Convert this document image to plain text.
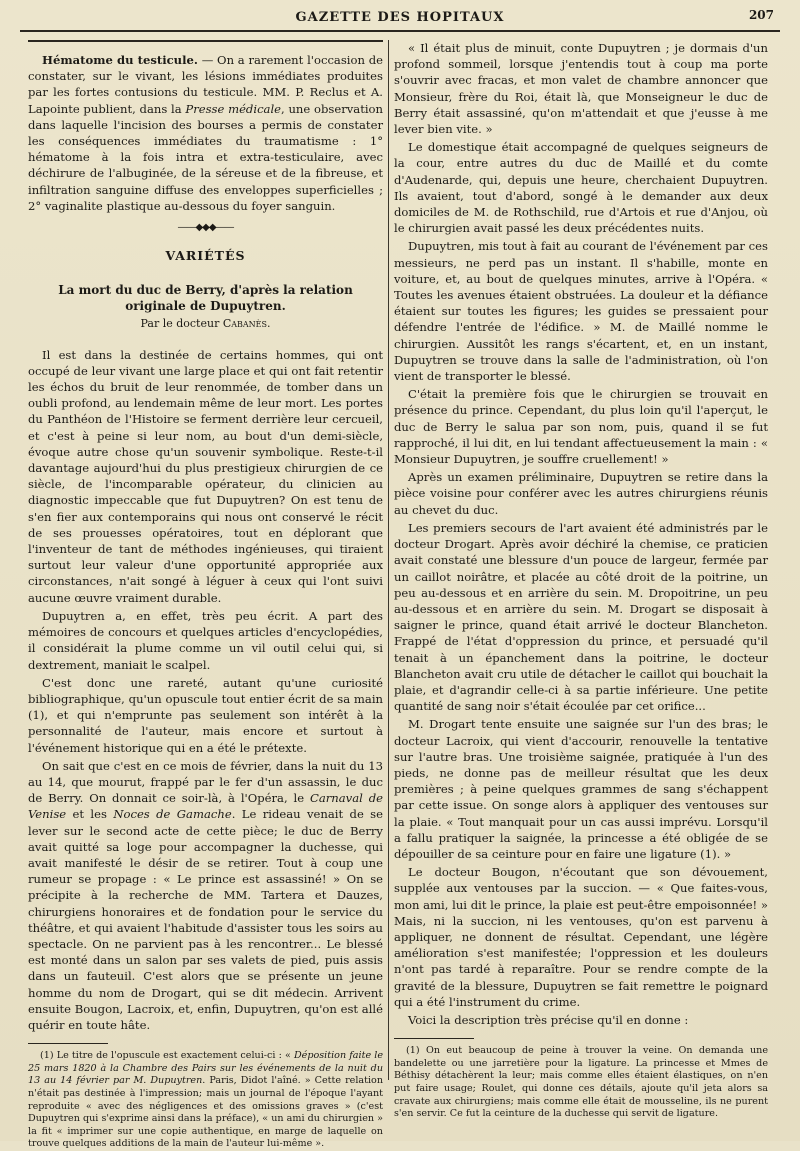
GAZETTE DES HOPITAUX	207

Hématome du testicule. — On a rarement l'occasion de constater, sur le vivant, les lésions immédiates produites par les fortes contusions du testicule. MM. P. Reclus et A. Lapointe publient, dans la Presse médicale, une observation dans laquelle l'incision des bourses a permis de constater les conséquences immédiates du traumatisme : 1° hématome à la fois intra et extra-testiculaire, avec déchirure de l'albuginée, de la séreuse et de la fibreuse, et infiltration sanguine diffuse des enveloppes superficielles ; 2° vaginalite plastique au-dessous du foyer sanguin.

——◆◆◆——
VARIÉTÉS
La mort du duc de Berry, d'après la relation originale de Dupuytren.
Par le docteur Cabanès.

Il est dans la destinée de certains hommes, qui ont occupé de leur vivant une large place et qui ont fait retentir les échos du bruit de leur renommée, de tomber dans un oubli profond, au lendemain même de leur mort. Les portes du Panthéon de l'Histoire se ferment derrière leur cercueil, et c'est à peine si leur nom, au bout d'un demi-siècle, évoque autre chose qu'un souvenir symbolique. Reste-t-il davantage aujourd'hui du plus prestigieux chirurgien de ce siècle, de l'incomparable opérateur, du clinicien au diagnostic impeccable que fut Dupuytren? On est tenu de s'en fier aux contemporains qui nous ont conservé le récit de ses prouesses opératoires, tout en déplorant que l'inventeur de tant de méthodes ingénieuses, qui tiraient surtout leur valeur d'une opportunité appropriée aux circonstances, n'ait songé à léguer à ceux qui l'ont suivi aucune œuvre vraiment durable.

Dupuytren a, en effet, très peu écrit. A part des mémoires de concours et quelques articles d'encyclopédies, il considérait la plume comme un vil outil celui qui, si dextrement, maniait le scalpel.

C'est donc une rareté, autant qu'une curiosité bibliographique, qu'un opuscule tout entier écrit de sa main (1), et qui n'emprunte pas seulement son intérêt à la personnalité de l'auteur, mais encore et surtout à l'événement historique qui en a été le prétexte.

On sait que c'est en ce mois de février, dans la nuit du 13 au 14, que mourut, frappé par le fer d'un assassin, le duc de Berry. On donnait ce soir-là, à l'Opéra, le Carnaval de Venise et les Noces de Gamache. Le rideau venait de se lever sur le second acte de cette pièce; le duc de Berry avait quitté sa loge pour accompagner la duchesse, qui avait manifesté le désir de se retirer. Tout à coup une rumeur se propage : « Le prince est assassiné! » On se précipite à la recherche de MM. Tartera et Dauzes, chirurgiens honoraires et de fondation pour le service du théâtre, et qui avaient l'habitude d'assister tous les soirs au spectacle. On ne parvient pas à les rencontrer... Le blessé est monté dans un salon par ses valets de pied, puis assis dans un fauteuil. C'est alors que se présente un jeune homme du nom de Drogart, qui se dit médecin. Arrivent ensuite Bougon, Lacroix, et, enfin, Dupuytren, qu'on est allé quérir en toute hâte.

(1) Le titre de l'opuscule est exactement celui-ci : « Déposition faite le 25 mars 1820 à la Chambre des Pairs sur les événements de la nuit du 13 au 14 février par M. Dupuytren. Paris, Didot l'aîné. » Cette relation n'était pas destinée à l'impression; mais un journal de l'époque l'ayant reproduite « avec des négligences et des omissions graves » (c'est Dupuytren qui s'exprime ainsi dans la préface), « un ami du chirurgien » la fit « imprimer sur une copie authentique, en marge de laquelle on trouve quelques additions de la main de l'auteur lui-même ».

« Il était plus de minuit, conte Dupuytren ; je dormais d'un profond sommeil, lorsque j'entendis tout à coup ma porte s'ouvrir avec fracas, et mon valet de chambre annoncer que Monsieur, frère du Roi, était là, que Monseigneur le duc de Berry était assassiné, qu'on m'attendait et que j'eusse à me lever bien vite. »

Le domestique était accompagné de quelques seigneurs de la cour, entre autres du duc de Maillé et du comte d'Audenarde, qui, depuis une heure, cherchaient Dupuytren. Ils avaient, tout d'abord, songé à le demander aux deux domiciles de M. de Rothschild, rue d'Artois et rue d'Anjou, où le chirurgien avait passé les deux précédentes nuits.

Dupuytren, mis tout à fait au courant de l'événement par ces messieurs, ne perd pas un instant. Il s'habille, monte en voiture, et, au bout de quelques minutes, arrive à l'Opéra. « Toutes les avenues étaient obstruées. La douleur et la défiance étaient sur toutes les figures; les guides se pressaient pour défendre l'entrée de l'édifice. » M. de Maillé nomme le chirurgien. Aussitôt les rangs s'écartent, et, en un instant, Dupuytren se trouve dans la salle de l'administration, où l'on vient de transporter le blessé.

C'était la première fois que le chirurgien se trouvait en présence du prince. Cependant, du plus loin qu'il l'aperçut, le duc de Berry le salua par son nom, puis, quand il se fut rapproché, il lui dit, en lui tendant affectueusement la main : « Monsieur Dupuytren, je souffre cruellement! »

Après un examen préliminaire, Dupuytren se retire dans la pièce voisine pour conférer avec les autres chirurgiens réunis au chevet du duc.

Les premiers secours de l'art avaient été administrés par le docteur Drogart. Après avoir déchiré la chemise, ce praticien avait constaté une blessure d'un pouce de largeur, fermée par un caillot noirâtre, et placée au côté droit de la poitrine, un peu au-dessous et en arrière du sein. M. Dropoitrine, un peu au-dessous et en arrière du sein. M. Drogart se disposait à saigner le prince, quand était arrivé le docteur Blancheton. Frappé de l'état d'oppression du prince, et persuadé qu'il tenait à un épanchement dans la poitrine, le docteur Blancheton avait cru utile de détacher le caillot qui bouchait la plaie, et d'agrandir celle-ci à sa partie inférieure. Une petite quantité de sang noir s'était écoulée par cet orifice...

M. Drogart tente ensuite une saignée sur l'un des bras; le docteur Lacroix, qui vient d'accourir, renouvelle la tentative sur l'autre bras. Une troisième saignée, pratiquée à l'un des pieds, ne donne pas de meilleur résultat que les deux premières ; à peine quelques grammes de sang s'échappent par cette issue. On songe alors à appliquer des ventouses sur la plaie. « Tout manquait pour un cas aussi imprévu. Lorsqu'il a fallu pratiquer la saignée, la princesse a été obligée de se dépouiller de sa ceinture pour en faire une ligature (1). »

Le docteur Bougon, n'écoutant que son dévouement, supplée aux ventouses par la succion. — « Que faites-vous, mon ami, lui dit le prince, la plaie est peut-être empoisonnée! » Mais, ni la succion, ni les ventouses, qu'on est parvenu à appliquer, ne donnent de résultat. Cependant, une légère amélioration s'est manifestée; l'oppression et les douleurs n'ont pas tardé à reparaître. Pour se rendre compte de la gravité de la blessure, Dupuytren se fait remettre le poignard qui a été l'instrument du crime.

Voici la description très précise qu'il en donne :

(1) On eut beaucoup de peine à trouver la veine. On demanda une bandelette ou une jarretière pour la ligature. La princesse et Mmes de Béthisy détachèrent la leur; mais comme elles étaient élastiques, on n'en put faire usage; Roulet, qui donne ces détails, ajoute qu'il jeta alors sa cravate aux chirurgiens; mais comme elle était de mousseline, ils ne purent s'en servir. Ce fut la ceinture de la duchesse qui servit de ligature.
